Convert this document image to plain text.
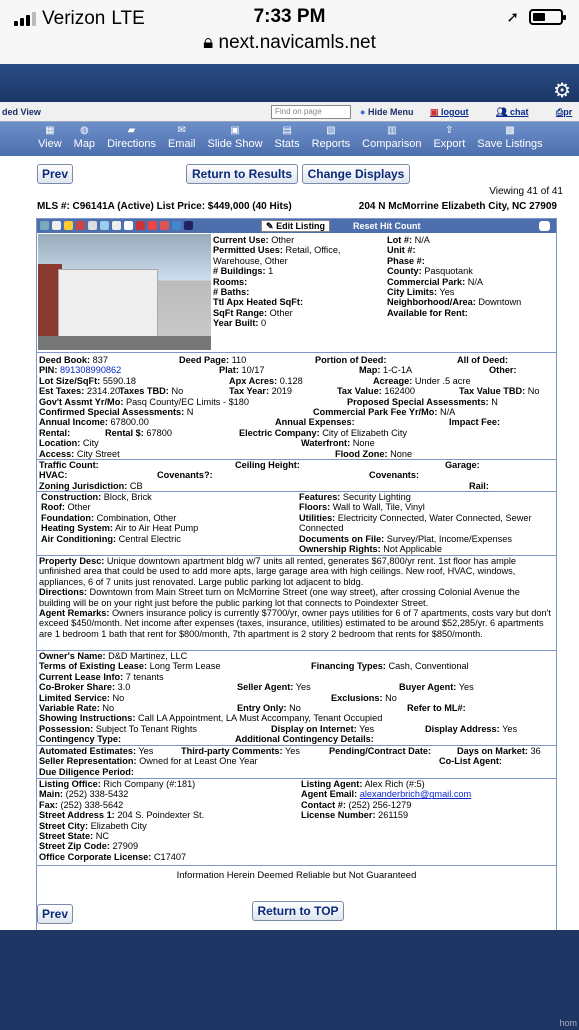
Verizon LTE	7:33 PM	➚
🔒︎ next.navicamls.net
⚙
ded View	Find on page	● Hide Menu ▣ logout	👥︎ chat	⎙pr
▦
View
◍
Map
▰
Directions
✉
Email
▣
Slide Show
▤
Stats
▧
Reports
▥
Comparison
⇪
Export
▩
Save Listings
Prev	Return to Results	Change Displays
Viewing 41 of 41
MLS #: C96141A (Active) List Price: $449,000 (40 Hits)	204 N McMorrine Elizabeth City, NC 27909
✎ Edit Listing	Reset Hit Count
Current Use: Other
Permitted Uses: Retail, Office,
Warehouse, Other
# Buildings: 1
Rooms:
# Baths:
Ttl Apx Heated SqFt:
SqFt Range: Other
Year Built: 0
Lot #: N/A
Unit #:
Phase #:
County: Pasquotank
Commercial Park: N/A
City Limits: Yes
Neighborhood/Area: Downtown
Available for Rent:
Deed Book: 837	Deed Page: 110	Portion of Deed:	All of Deed:
PIN: 891308990862	Plat: 10/17	Map: 1-C-1A	Other:
Lot Size/SqFt: 5590.18	Apx Acres: 0.128	Acreage: Under .5 acre
Est Taxes: 2314.20
Taxes TBD: No	Tax Year: 2019	Tax Value: 162400	Tax Value TBD: No
Gov't Assmt Yr/Mo: Pasq County/EC Limits - $180	Proposed Special Assessments: N
Confirmed Special Assessments: N	Commercial Park Fee Yr/Mo: N/A
Annual Income: 67800.00	Annual Expenses:	Impact Fee:
Rental:	Rental $: 67800	Electric Company: City of Elizabeth City
Location: City	Waterfront: None
Access: City Street	Flood Zone: None
Traffic Count:	Ceiling Height:	Garage:
HVAC:	Covenants?:	Covenants:
Zoning Jurisdiction: CB	Rail:
Construction: Block, Brick
Roof: Other
Foundation: Combination, Other
Heating System: Air to Air Heat Pump
Air Conditioning: Central Electric
Features: Security Lighting
Floors: Wall to Wall, Tile, Vinyl
Utilities: Electricity Connected, Water Connected, Sewer
Connected
Documents on File: Survey/Plat, Income/Expenses
Ownership Rights: Not Applicable
Property Desc: Unique downtown apartment bldg w/7 units all rented, generates $67,800/yr rent. 1st floor has ample unfinished area that could be used to add more apts, large garage area with high ceilings. New roof, HVAC, windows, appliances, 6 of 7 units just renovated. Large public parking lot adjacent to bldg.
Directions: Downtown from Main Street turn on McMorrine Street (one way street), after crossing Colonial Avenue the building will be on your right just before the public parking lot that connects to Poindexter Street.
Agent Remarks: Owners insurance policy is currently $7700/yr, owner pays utilities for 6 of 7 apartments, costs vary but don't exceed $450/month. Net income after expenses (taxes, insurance, utilities) estimated to be around $52,285/yr. 6 apartments are 1 bedroom 1 bath that rent for $800/month, 7th apartment is 2 story 2 bedroom that rents for $850/month.
Owner's Name: D&D Martinez, LLC
Terms of Existing Lease: Long Term Lease	Financing Types: Cash, Conventional
Current Lease Info: 7 tenants
Co-Broker Share: 3.0	Seller Agent: Yes	Buyer Agent: Yes
Limited Service: No	Exclusions: No
Variable Rate: No	Entry Only: No	Refer to ML#:
Showing Instructions: Call LA Appointment, LA Must Accompany, Tenant Occupied
Possession: Subject To Tenant Rights	Display on Internet: Yes	Display Address: Yes
Contingency Type:	Additional Contingency Details:
Automated Estimates: Yes	Third-party Comments: Yes	Pending/Contract Date:	Days on Market: 36
Seller Representation: Owned for at Least One Year	Co-List Agent:
Due Diligence Period:
Listing Office: Rich Company (#:181)
Main: (252) 338-5432
Fax: (252) 338-5642
Street Address 1: 204 S. Poindexter St.
Street City: Elizabeth City
Street State: NC
Street Zip Code: 27909
Office Corporate License: C17407
Listing Agent: Alex Rich (#:5)
Agent Email: alexanderbrich@gmail.com
Contact #: (252) 256-1279
License Number: 261159
Information Herein Deemed Reliable but Not Guaranteed
Prev	Return to TOP
hom
